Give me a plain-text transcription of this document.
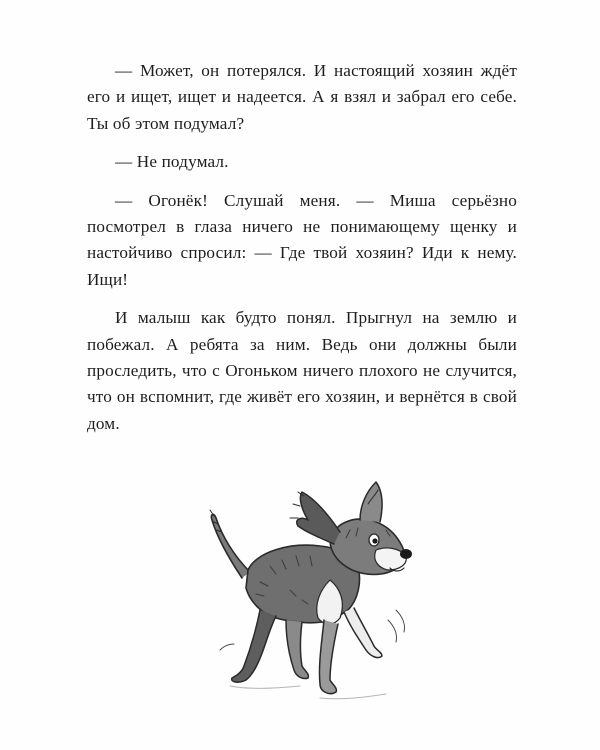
— Может, он потерялся. И настоящий хозяин ждёт его и ищет, ищет и надеется. А я взял и забрал его себе. Ты об этом подумал?

— Не подумал.

— Огонёк! Слушай меня. — Миша серьёзно посмотрел в глаза ничего не понимающему щенку и настойчиво спросил: — Где твой хозяин? Иди к нему. Ищи!

И малыш как будто понял. Прыгнул на землю и побежал. А ребята за ним. Ведь они должны были проследить, что с Огоньком ничего плохого не случится, что он вспомнит, где живёт его хозяин, и вернётся в свой дом.
